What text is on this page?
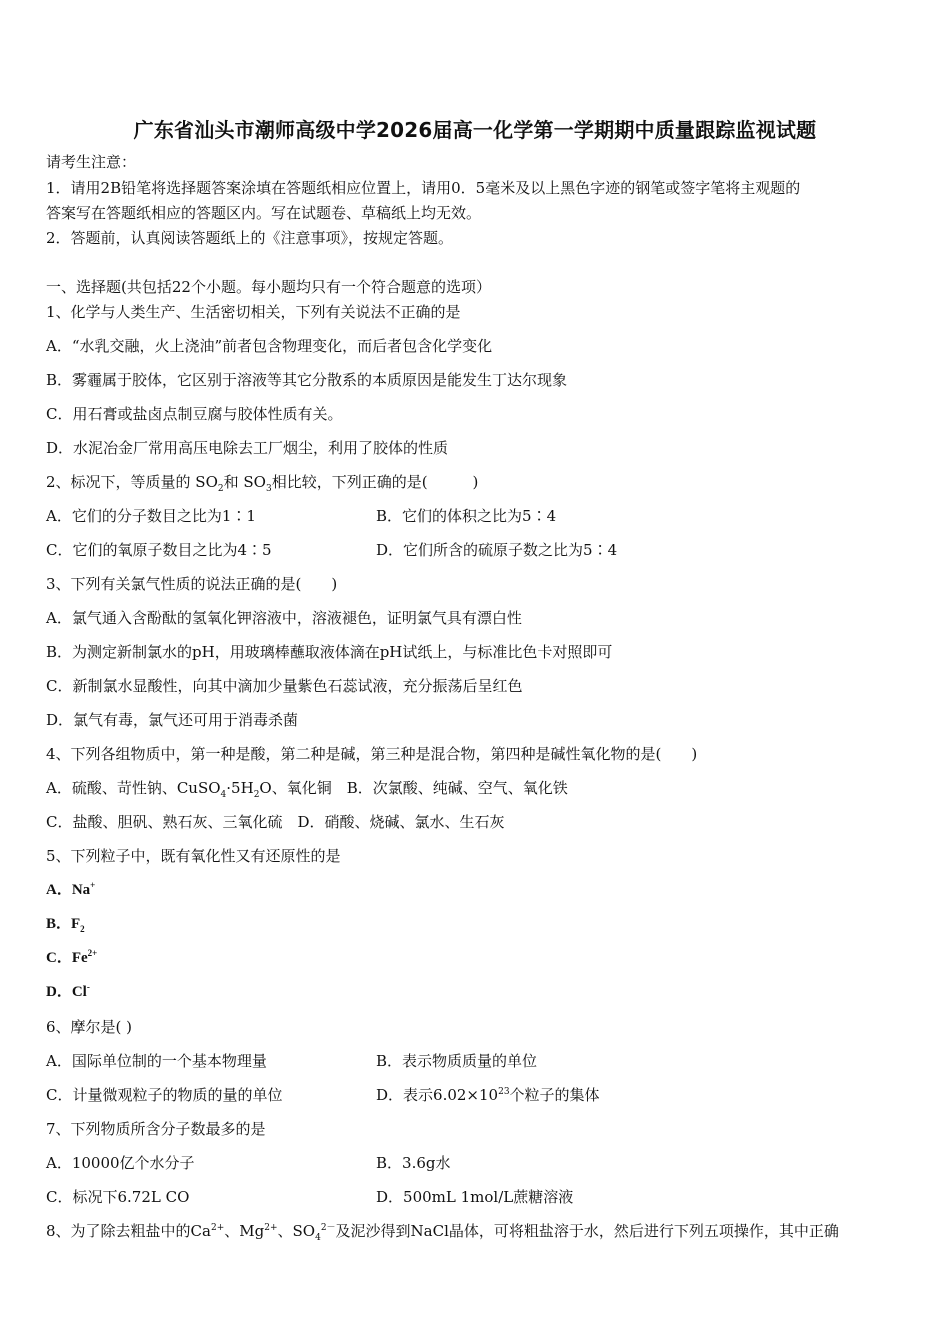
广东省汕头市潮师高级中学2026届高一化学第一学期期中质量跟踪监视试题
请考生注意：
1．请用2B铅笔将选择题答案涂填在答题纸相应位置上，请用0．5毫米及以上黑色字迹的钢笔或签字笔将主观题的
答案写在答题纸相应的答题区内。写在试题卷、草稿纸上均无效。
2．答题前，认真阅读答题纸上的《注意事项》，按规定答题。
一、选择题(共包括22个小题。每小题均只有一个符合题意的选项）
1、化学与人类生产、生活密切相关，下列有关说法不正确的是
A．“水乳交融，火上浇油”前者包含物理变化，而后者包含化学变化
B．雾霾属于胶体，它区别于溶液等其它分散系的本质原因是能发生丁达尔现象
C．用石膏或盐卤点制豆腐与胶体性质有关。
D．水泥冶金厂常用高压电除去工厂烟尘，利用了胶体的性质
2、标况下，等质量的 $SO_2$和 $SO_3$相比较，下列正确的是(　　　)
A．它们的分子数目之比为1∶1	B．它们的体积之比为5∶4
C．它们的氧原子数目之比为4∶5	D．它们所含的硫原子数之比为5∶4
3、下列有关氯气性质的说法正确的是(　　)
A．氯气通入含酚酞的氢氧化钾溶液中，溶液褪色，证明氯气具有漂白性
B．为测定新制氯水的pH，用玻璃棒蘸取液体滴在pH试纸上，与标准比色卡对照即可
C．新制氯水显酸性，向其中滴加少量紫色石蕊试液，充分振荡后呈红色
D．氯气有毒，氯气还可用于消毒杀菌
4、下列各组物质中，第一种是酸，第二种是碱，第三种是混合物，第四种是碱性氧化物的是(　　)
A．硫酸、苛性钠、$CuSO_4\cdot 5H_2O$、氧化铜　B．次氯酸、纯碱、空气、氧化铁
C．盐酸、胆矾、熟石灰、三氧化硫　D．硝酸、烧碱、氯水、生石灰
5、下列粒子中，既有氧化性又有还原性的是
A．Na+
B．$F_2$
C．$Fe^{2+}$
D．Cl-
6、摩尔是( )
A．国际单位制的一个基本物理量	B．表示物质质量的单位
C．计量微观粒子的物质的量的单位	D．表示$6.02\times 10^{23}$个粒子的集体
7、下列物质所含分子数最多的是
A．10000亿个水分子	B．3.6g水
C．标况下6.72L CO	D．500mL 1mol/L蔗糖溶液
8、为了除去粗盐中的$Ca^{2+}$、$Mg^{2+}$、$SO_4^{2-}$及泥沙得到NaCl晶体，可将粗盐溶于水，然后进行下列五项操作，其中正确
